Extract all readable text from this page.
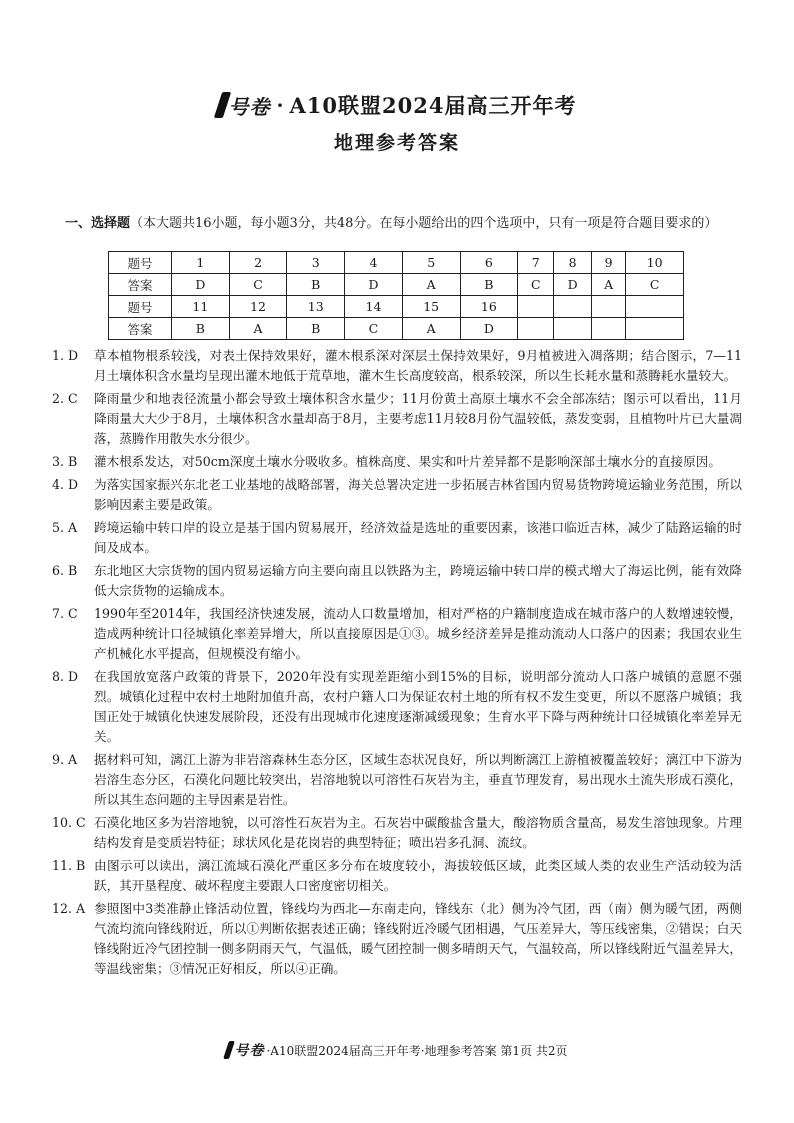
号卷 · A10联盟2024届高三开年考
地理参考答案
一、选择题（本大题共16小题，每小题3分，共48分。在每小题给出的四个选项中，只有一项是符合题目要求的）
题号	1	2	3	4	5	6	7	8	9	10
答案	D	C	B	D	A	B	C	D	A	C
题号	11	12	13	14	15	16				
答案	B	A	B	C	A	D				
1. D	草本植物根系较浅，对表土保持效果好，灌木根系深对深层土保持效果好，9月植被进入凋落期；结合图示，7—11月土壤体积含水量均呈现出灌木地低于荒草地，灌木生长高度较高，根系较深，所以生长耗水量和蒸腾耗水量较大。
2. C	降雨量少和地表径流量小都会导致土壤体积含水量少；11月份黄土高原土壤水不会全部冻结；图示可以看出，11月降雨量大大少于8月，土壤体积含水量却高于8月，主要考虑11月较8月份气温较低，蒸发变弱，且植物叶片已大量凋落，蒸腾作用散失水分很少。
3. B	灌木根系发达，对50cm深度土壤水分吸收多。植株高度、果实和叶片差异都不是影响深部土壤水分的直接原因。
4. D	为落实国家振兴东北老工业基地的战略部署，海关总署决定进一步拓展吉林省国内贸易货物跨境运输业务范围，所以影响因素主要是政策。
5. A	跨境运输中转口岸的设立是基于国内贸易展开，经济效益是选址的重要因素，该港口临近吉林，减少了陆路运输的时间及成本。
6. B	东北地区大宗货物的国内贸易运输方向主要向南且以铁路为主，跨境运输中转口岸的模式增大了海运比例，能有效降低大宗货物的运输成本。
7. C	1990年至2014年，我国经济快速发展，流动人口数量增加，相对严格的户籍制度造成在城市落户的人数增速较慢，造成两种统计口径城镇化率差异增大，所以直接原因是①③。城乡经济差异是推动流动人口落户的因素；我国农业生产机械化水平提高，但规模没有缩小。
8. D	在我国放宽落户政策的背景下，2020年没有实现差距缩小到15%的目标，说明部分流动人口落户城镇的意愿不强烈。城镇化过程中农村土地附加值升高，农村户籍人口为保证农村土地的所有权不发生变更，所以不愿落户城镇；我国正处于城镇化快速发展阶段，还没有出现城市化速度逐渐减缓现象；生育水平下降与两种统计口径城镇化率差异无关。
9. A	据材料可知，漓江上游为非岩溶森林生态分区，区域生态状况良好，所以判断漓江上游植被覆盖较好；漓江中下游为岩溶生态分区，石漠化问题比较突出，岩溶地貌以可溶性石灰岩为主，垂直节理发育，易出现水土流失形成石漠化，所以其生态问题的主导因素是岩性。
10. C 石漠化地区多为岩溶地貌，以可溶性石灰岩为主。石灰岩中碳酸盐含量大，酸溶物质含量高，易发生溶蚀现象。片理结构发育是变质岩特征；球状风化是花岗岩的典型特征；喷出岩多孔洞、流纹。
11. B 由图示可以读出，漓江流域石漠化严重区多分布在坡度较小，海拔较低区域，此类区域人类的农业生产活动较为活跃，其开垦程度、破坏程度主要跟人口密度密切相关。
12. A 参照图中3类准静止锋活动位置，锋线均为西北—东南走向，锋线东（北）侧为冷气团，西（南）侧为暖气团，两侧气流均流向锋线附近，所以①判断依据表述正确；锋线附近冷暖气团相遇，气压差异大，等压线密集，②错误；白天锋线附近冷气团控制一侧多阴雨天气，气温低，暖气团控制一侧多晴朗天气，气温较高，所以锋线附近气温差异大，等温线密集；③情况正好相反，所以④正确。
号卷 ·A10联盟2024届高三开年考·地理参考答案 第1页 共2页
